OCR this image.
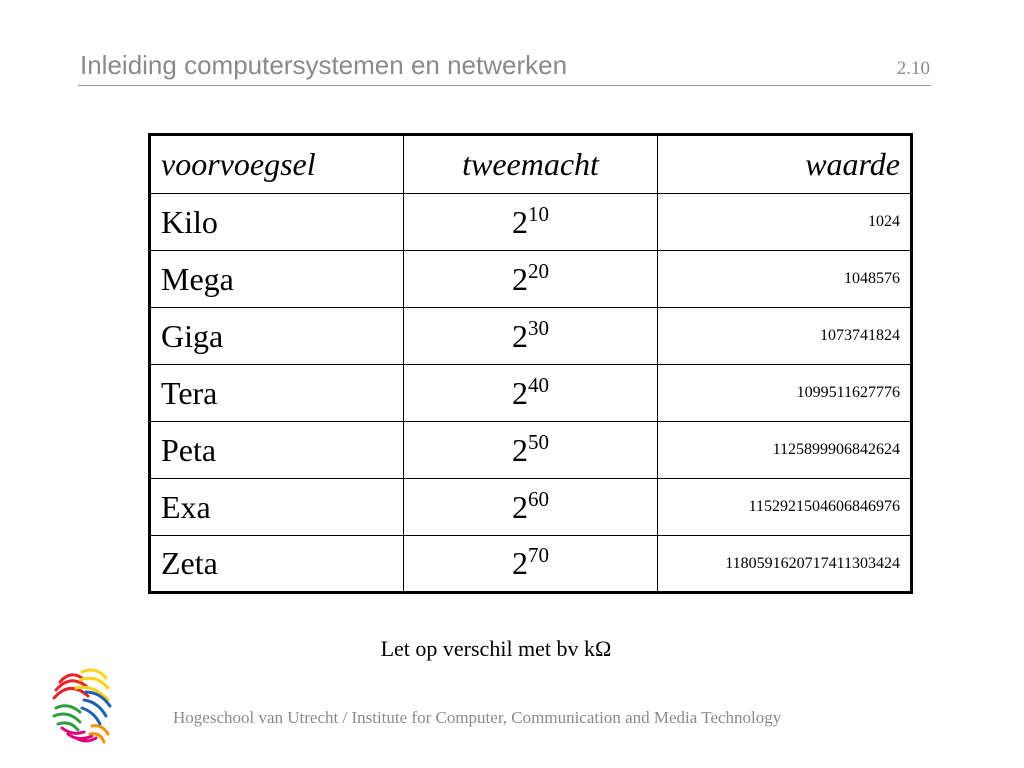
Inleiding computersystemen en netwerken	2.10
voorvoegsel	tweemacht	waarde
Kilo	$2^{10}$	1024
Mega	$2^{20}$	1048576
Giga	$2^{30}$	1073741824
Tera	$2^{40}$	1099511627776
Peta	$2^{50}$	1125899906842624
Exa	$2^{60}$	1152921504606846976
Zeta	$2^{70}$	1180591620717411303424
Let op verschil met bv kΩ
Hogeschool van Utrecht / Institute for Computer, Communication and Media Technology
